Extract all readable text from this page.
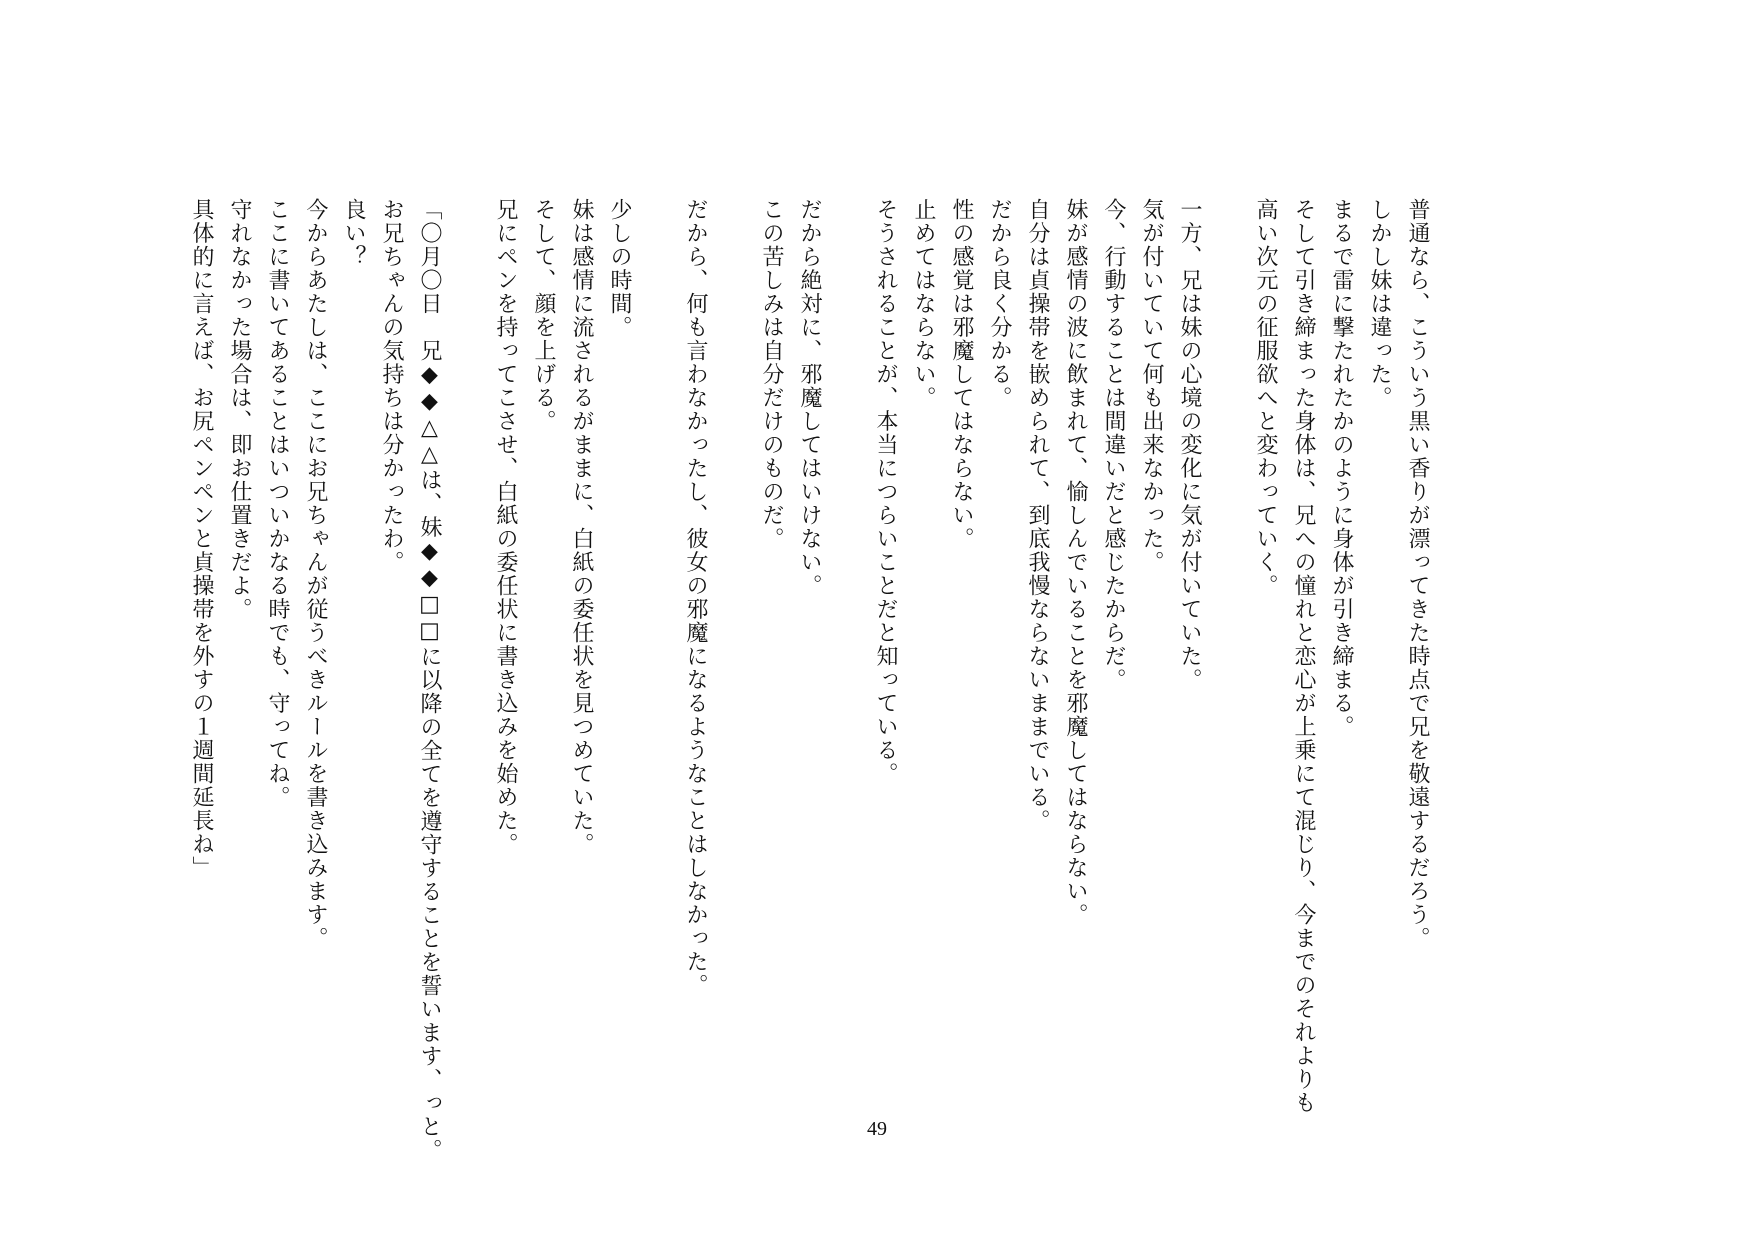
普通なら、こういう黒い香りが漂ってきた時点で兄を敬遠するだろう。
しかし妹は違った。
まるで雷に撃たれたかのように身体が引き締まる。
そして引き締まった身体は、兄への憧れと恋心が上乗にて混じり、今までのそれよりも
高い次元の征服欲へと変わっていく。
一方、兄は妹の心境の変化に気が付いていた。
気が付いていて何も出来なかった。
今、行動することは間違いだと感じたからだ。
妹が感情の波に飲まれて、愉しんでいることを邪魔してはならない。
自分は貞操帯を嵌められて、到底我慢ならないままでいる。
だから良く分かる。
性の感覚は邪魔してはならない。
止めてはならない。
そうされることが、本当につらいことだと知っている。
だから絶対に、邪魔してはいけない。
この苦しみは自分だけのものだ。
だから、何も言わなかったし、彼女の邪魔になるようなことはしなかった。
少しの時間。
妹は感情に流されるがままに、白紙の委任状を見つめていた。
そして、顔を上げる。
兄にペンを持ってこさせ、白紙の委任状に書き込みを始めた。
「〇月〇日　兄◆◆△△は、妹◆◆□□に以降の全てを遵守することを誓います、っと。
お兄ちゃんの気持ちは分かったわ。
良い？
今からあたしは、ここにお兄ちゃんが従うべきルールを書き込みます。
ここに書いてあることはいついかなる時でも、守ってね。
守れなかった場合は、即お仕置きだよ。
具体的に言えば、お尻ペンペンと貞操帯を外すの１週間延長ね」
49
